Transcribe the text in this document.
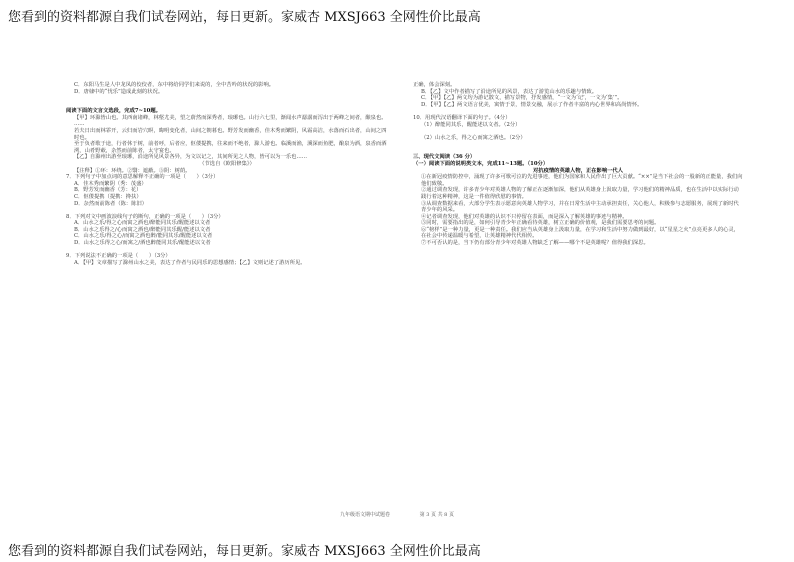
您看到的资料都源自我们试卷网站，每日更新。家威杏 MXSJ663 全网性价比最高

C．东阳马生是人中龙凤的佼佼者，东中将给同学们来说的，全中苦吟的状况的影响。

D．唐棣中的“忧乐”造成此刻的状况。

阅读下面的文言文选段，完成7~10题。

【甲】环滁皆山也。其西南诸峰，林壑尤美，望之蔚然而深秀者，琅琊也。山行六七里，渐闻水声潺潺而泻出于两峰之间者，酿泉也。

……

若夫日出而林霏开，云归而岩穴暝，晦明变化者，山间之朝暮也。野芳发而幽香，佳木秀而繁阴，风霜高洁，水落而石出者，山间之四时也。

至于负者歌于途，行者休于树，前者呼，后者应，伛偻提携，往来而不绝者，滁人游也。临溪而渔，溪深而鱼肥，酿泉为酒，泉香而酒洌，山肴野蔌，杂然而前陈者，太守宴也。

【乙】自滁州出游至琅琊，沿途所见风景各异，为文以记之，其间所见之人物，皆可以为一乐也……

（节选自《欧阳修集》）

【注释】①环：环绕。②翳：遮蔽。③阴：树荫。

7．下列句子中加点词的意思解释不正确的一项是（　　）（3分）

A．佳木秀而繁阴（秀：茂盛）

B．野芳发而幽香（芳：花）

C．伛偻提携（提携：搀扶）

D．杂然而前陈者（陈：陈旧）

8．下列对文中画波浪线句子的断句，正确的一项是（　　）（3分）

A．山水之乐/得之心而寓之酒也/醉能同其乐/醒能述以文者

B．山水之乐得之/心而寓之酒也/醉能同其乐醒/能述以文者

C．山水之乐/得之心/而寓之酒也醉/能同其乐/醒能述以文者

D．山水之乐得之心/而寓之/酒也醉能同其乐/醒能述以文者

9．下列说法不正确的一项是（　　）（3分）

A．【甲】文章描写了滁州山水之美，表达了作者与民同乐的思想感情；【乙】文则记述了游历所见。

正确，体会深刻。

B．【乙】文中作者描写了沿途所见的风景，表达了游览山水的乐趣与情致。

C．【甲】【乙】两文均为游记散文，描写景物，抒发感情，“一文为‘记’，一文为‘集’”。

D．【甲】【乙】两文语言优美，寓情于景，情景交融，展示了作者丰富的内心世界和高尚情怀。

10．用现代汉语翻译下面的句子。（4分）

（1）醉能同其乐，醒能述以文者。（2分）

（2）山水之乐，得之心而寓之酒也。（2分）

三、现代文阅读（36 分）

（一）阅读下面的说明类文本，完成11~13题。（10分）

对抗疫情的英雄人物，正在影响一代人

①在新冠疫情防控中，涌现了许多可歌可泣的先进事迹，他们为国家和人民作出了巨大贡献。“××”是当下社会的一股新的正能量，我们向他们致敬。

②通过调查发现，许多青少年对英雄人物的了解正在逐渐加深，他们从英雄身上汲取力量，学习他们的精神品质，也在生活中以实际行动践行着这种精神，这是一件值得欣慰的事情。

③从调查数据来看，大部分学生表示愿意向英雄人物学习，并在日常生活中主动承担责任，关心他人，积极参与志愿服务，展现了新时代青少年的风采。

④记者调查发现，他们对英雄的认识不只停留在表面，而是深入了解英雄的事迹与精神。

⑤同时，需要指出的是，如何引导青少年正确看待英雄，树立正确的价值观，是我们需要思考的问题。

⑥“榜样”是一种力量，更是一种责任。我们应当从英雄身上汲取力量，在学习和生活中努力做到最好，以“星星之火”点亮更多人的心灵，在社会中传递温暖与希望，让英雄精神代代相传。

⑦不可否认的是，当下仍有部分青少年对英雄人物缺乏了解——哪个不是英雄呢？值得我们深思。

九年级语文期中试题卷	第 3 页 共 8 页
您看到的资料都源自我们试卷网站，每日更新。家威杏 MXSJ663 全网性价比最高
